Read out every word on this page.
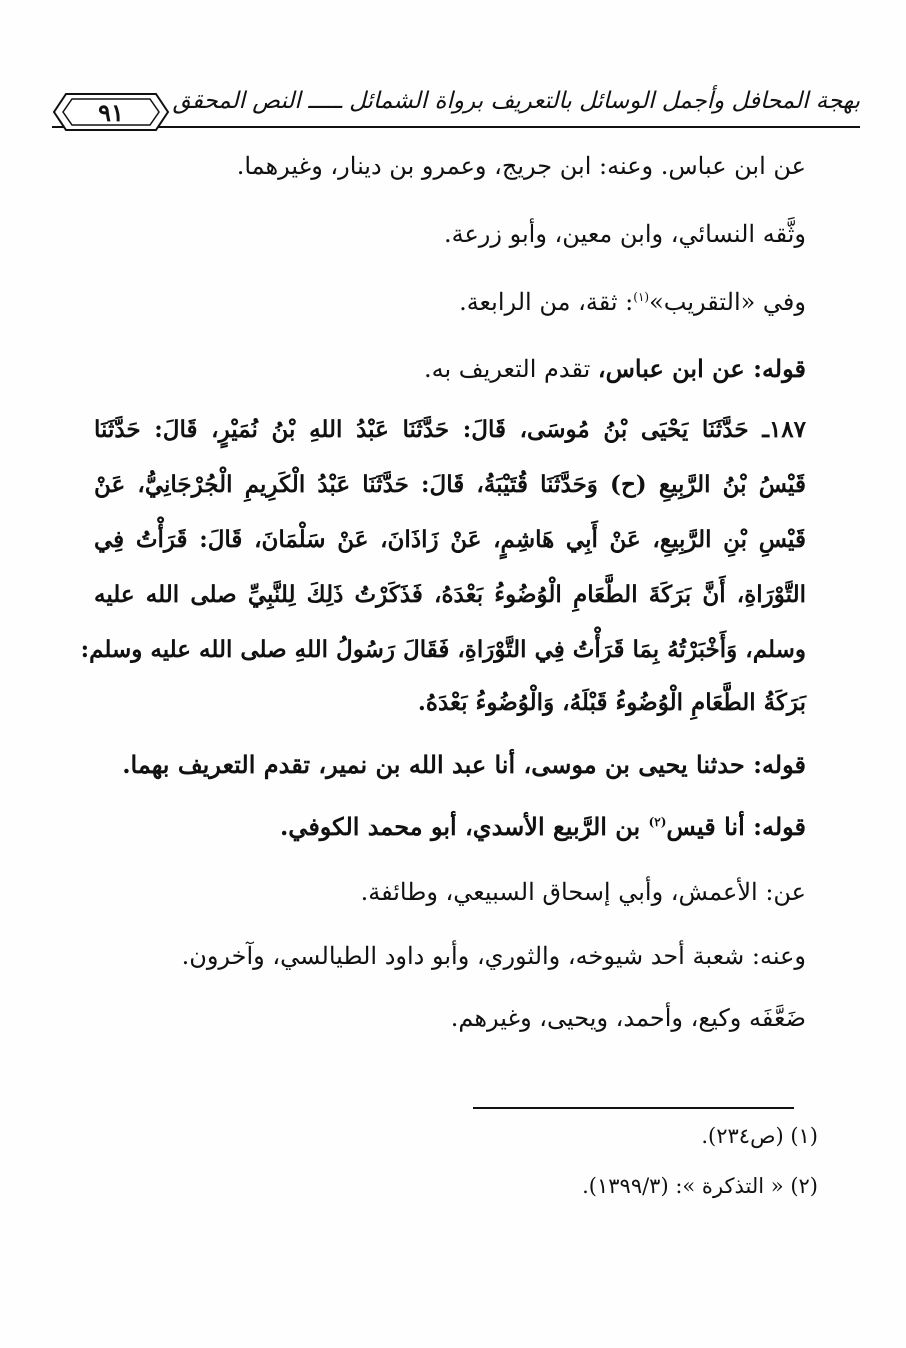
بهجة المحافل وأجمل الوسائل بالتعريف برواة الشمائل ـــــ النص المحقق
٩١
عن ابن عباس. وعنه: ابن جريج، وعمرو بن دينار، وغيرهما.
وثَّقه النسائي، وابن معين، وأبو زرعة.
وفي «التقريب»$^{(١)}$: ثقة، من الرابعة.
قوله: عن ابن عباس، تقدم التعريف به.
١٨٧ـ حَدَّثَنَا يَحْيَى بْنُ مُوسَى، قَالَ: حَدَّثَنَا عَبْدُ اللهِ بْنُ نُمَيْرٍ، قَالَ: حَدَّثَنَا
قَيْسُ بْنُ الرَّبِيعِ (ح) وَحَدَّثَنَا قُتَيْبَةُ، قَالَ: حَدَّثَنَا عَبْدُ الْكَرِيمِ الْجُرْجَانِيُّ، عَنْ
قَيْسِ بْنِ الرَّبِيعِ، عَنْ أَبِي هَاشِمٍ، عَنْ زَاذَانَ، عَنْ سَلْمَانَ، قَالَ: قَرَأْتُ فِي
التَّوْرَاةِ، أَنَّ بَرَكَةَ الطَّعَامِ الْوُضُوءُ بَعْدَهُ، فَذَكَرْتُ ذَلِكَ لِلنَّبِيِّ صلى الله عليه
وسلم، وَأَخْبَرْتُهُ بِمَا قَرَأْتُ فِي التَّوْرَاةِ، فَقَالَ رَسُولُ اللهِ صلى الله عليه وسلم:
بَرَكَةُ الطَّعَامِ الْوُضُوءُ قَبْلَهُ، وَالْوُضُوءُ بَعْدَهُ.
قوله: حدثنا يحيى بن موسى، أنا عبد الله بن نمير، تقدم التعريف بهما.
قوله: أنا قيس$^{(٢)}$ بن الرَّبيع الأسدي، أبو محمد الكوفي.
عن: الأعمش، وأبي إسحاق السبيعي، وطائفة.
وعنه: شعبة أحد شيوخه، والثوري، وأبو داود الطيالسي، وآخرون.
ضَعَّفَه وكيع، وأحمد، ويحيى، وغيرهم.
(١) (ص٢٣٤).
(٢) « التذكرة »: (١٣٩٩/٣).
